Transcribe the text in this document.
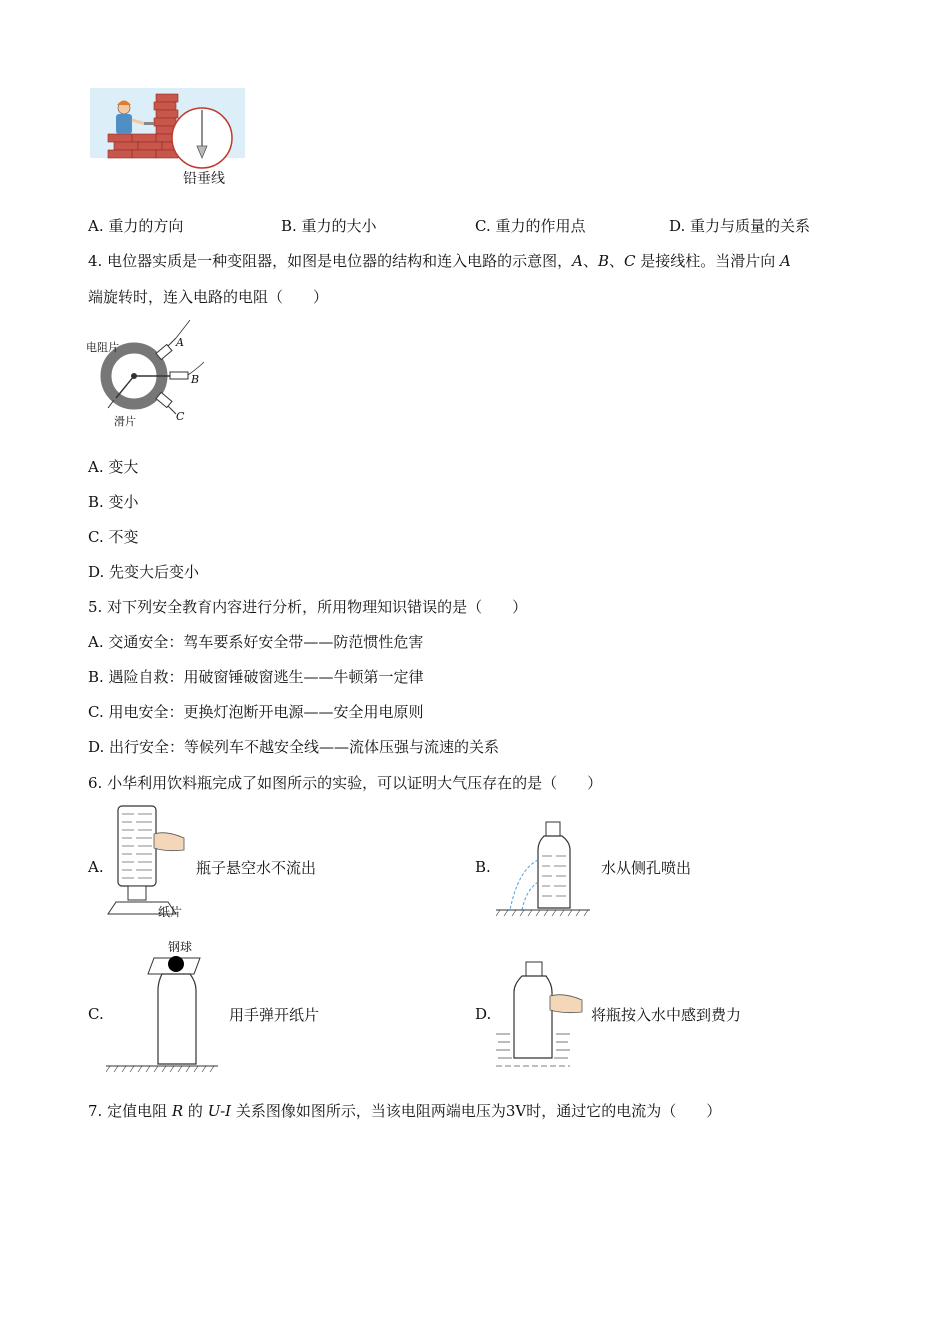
铅垂线
A. 重力的方向	B. 重力的大小	C. 重力的作用点	D. 重力与质量的关系
4. 电位器实质是一种变阻器，如图是电位器的结构和连入电路的示意图，A、B、C 是接线柱。当滑片向 A
端旋转时，连入电路的电阻（　　）
电阻片	A
B
C
滑片
A. 变大
B. 变小
C. 不变
D. 先变大后变小
5. 对下列安全教育内容进行分析，所用物理知识错误的是（　　）
A. 交通安全：驾车要系好安全带——防范惯性危害
B. 遇险自救：用破窗锤破窗逃生——牛顿第一定律
C. 用电安全：更换灯泡断开电源——安全用电原则
D. 出行安全：等候列车不越安全线——流体压强与流速的关系
6. 小华利用饮料瓶完成了如图所示的实验，可以证明大气压存在的是（　　）
A.
纸片
瓶子悬空水不流出	B.	水从侧孔喷出
C.
钢球
用手弹开纸片	D.	将瓶按入水中感到费力
7. 定值电阻 R 的 U-I 关系图像如图所示，当该电阻两端电压为3V时，通过它的电流为（　　）
